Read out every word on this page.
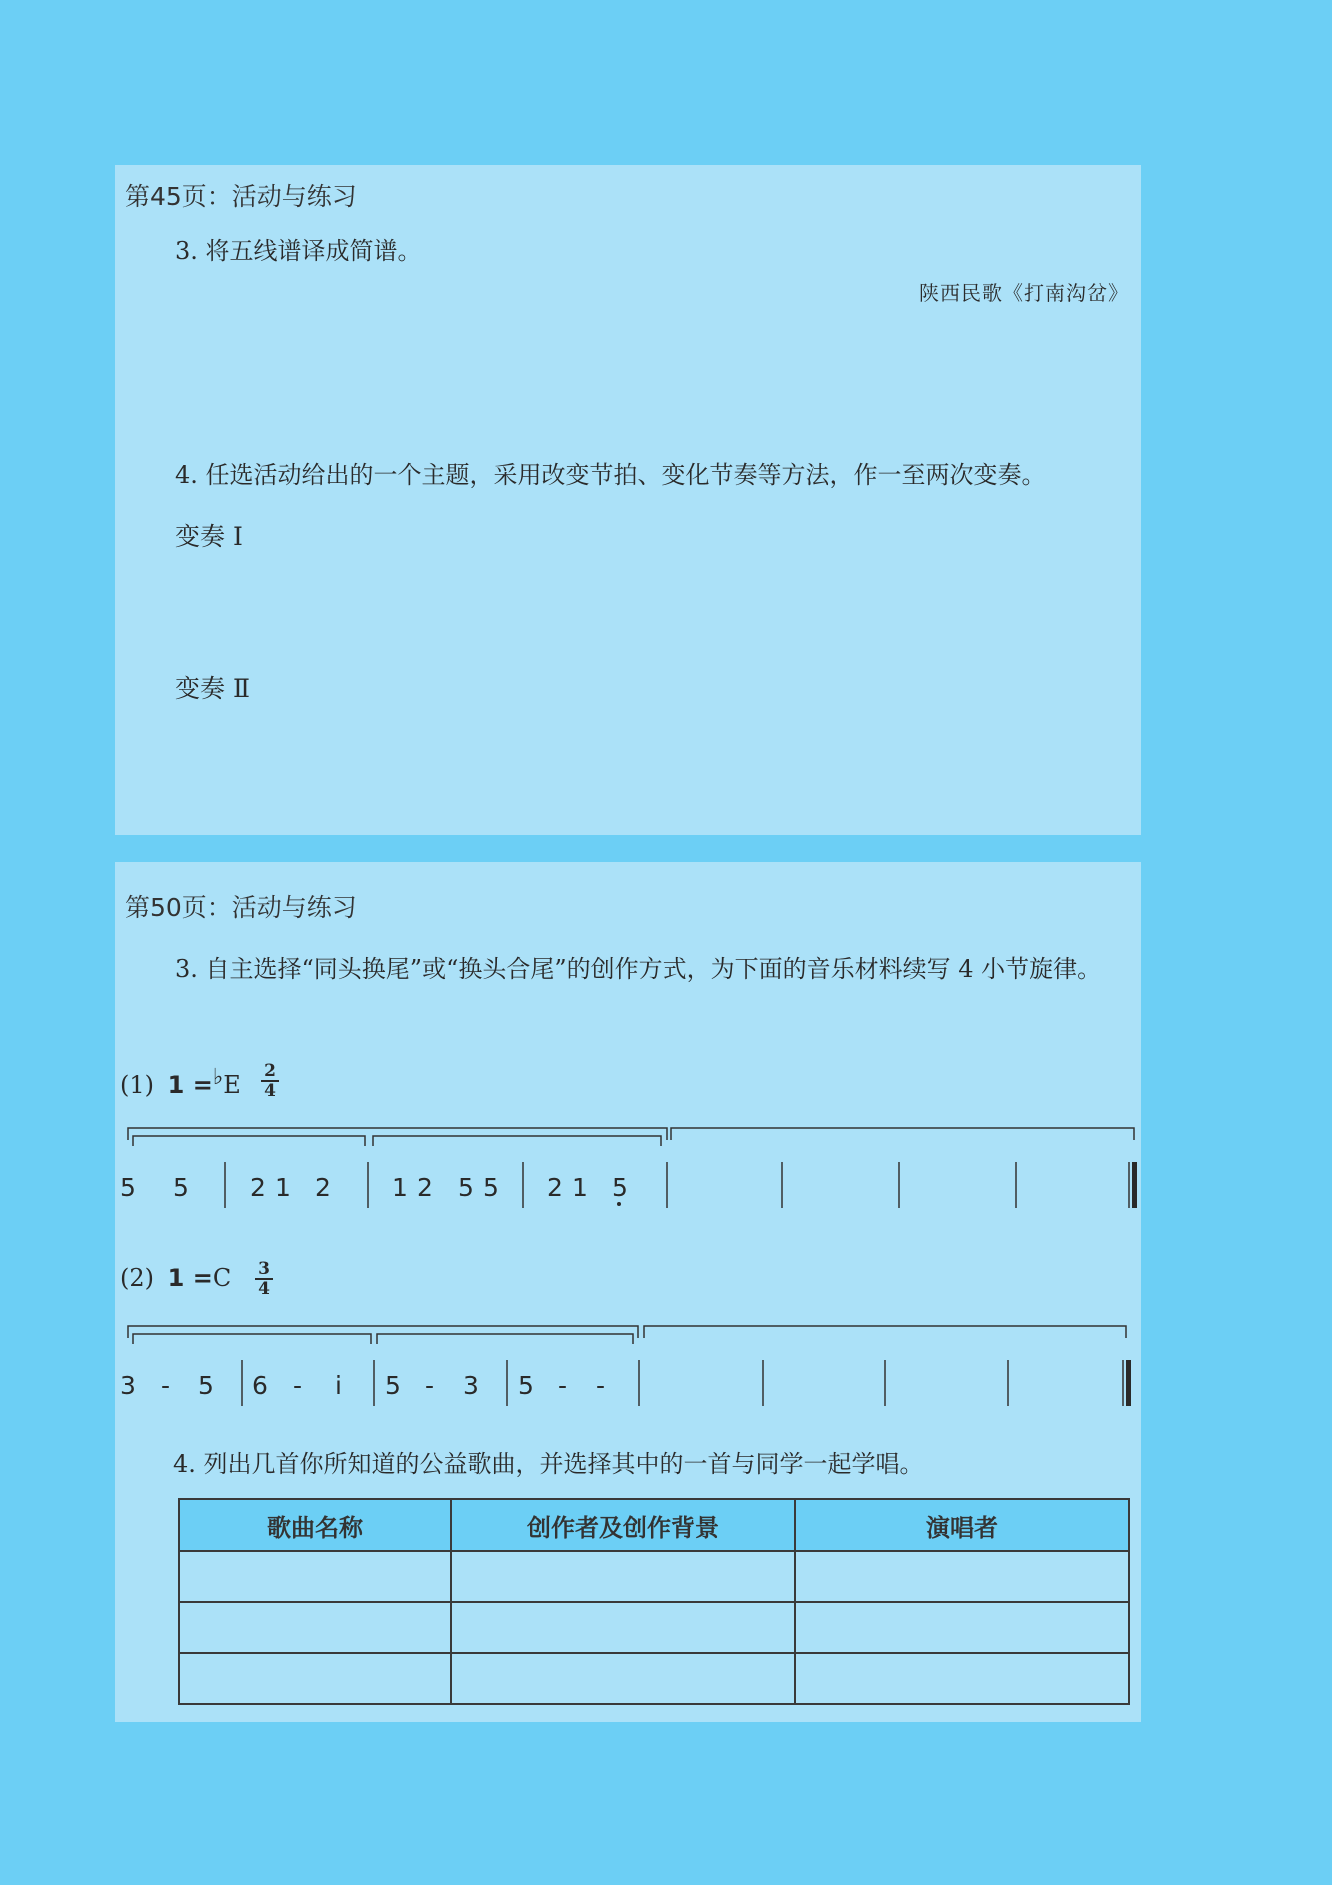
第45页：活动与练习
3. 将五线谱译成简谱。
陕西民歌《打南沟岔》
4. 任选活动给出的一个主题，采用改变节拍、变化节奏等方法，作一至两次变奏。
变奏 Ⅰ
变奏 Ⅱ
第50页：活动与练习
3. 自主选择“同头换尾”或“换头合尾”的创作方式，为下面的音乐材料续写 4 小节旋律。
(1) 1 =♭E 2
4
5 5 2 1 2 1 2 5 5 2 1 5
(2) 1 =C 3
4
3 - 5 6 - i 5 - 3 5 - -
4. 列出几首你所知道的公益歌曲，并选择其中的一首与同学一起学唱。
歌曲名称	创作者及创作背景	演唱者
